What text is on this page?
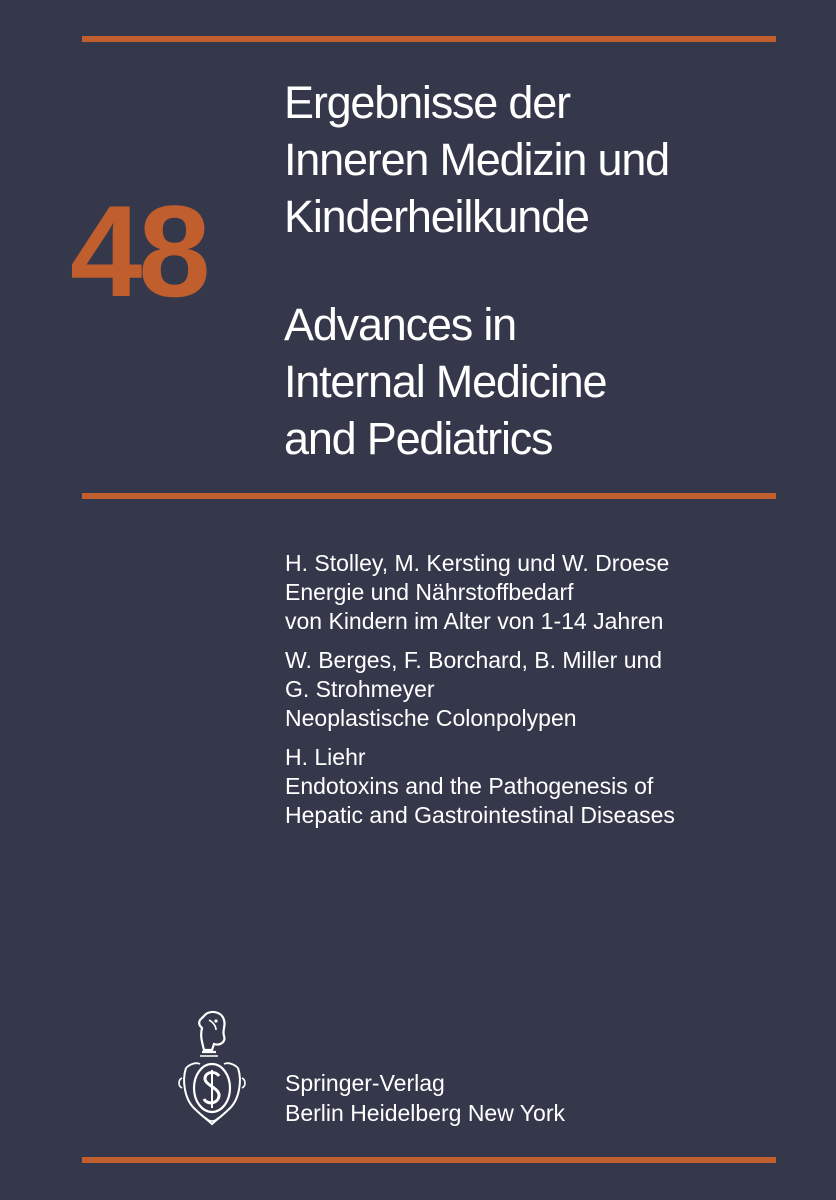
48
Ergebnisse der
Inneren Medizin und
Kinderheilkunde
Advances in
Internal Medicine
and Pediatrics
H. Stolley, M. Kersting und W. Droese
Energie und Nährstoffbedarf
von Kindern im Alter von 1-14 Jahren
W. Berges, F. Borchard, B. Miller und
G. Strohmeyer
Neoplastische Colonpolypen
H. Liehr
Endotoxins and the Pathogenesis of
Hepatic and Gastrointestinal Diseases
Springer-Verlag
Berlin Heidelberg New York
